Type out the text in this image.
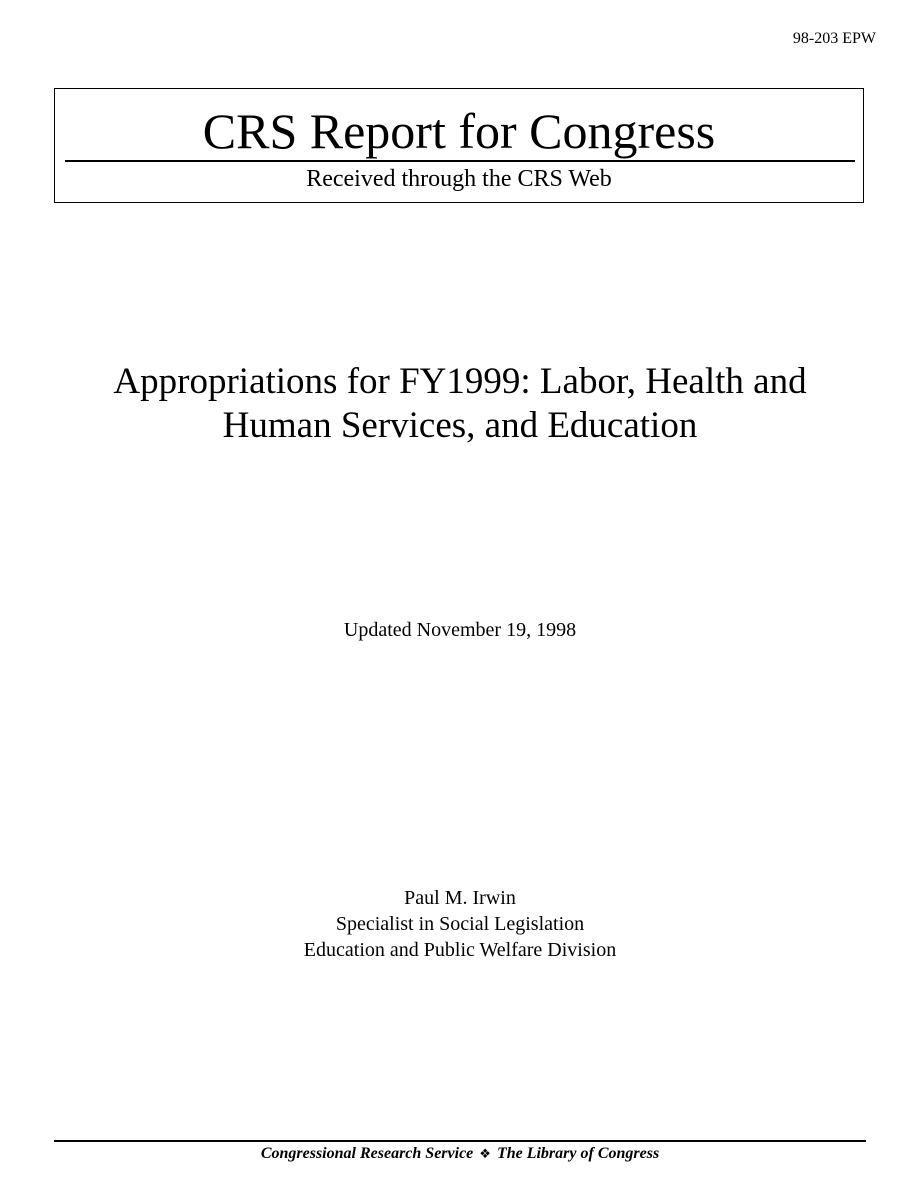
98-203 EPW
CRS Report for Congress
Received through the CRS Web
Appropriations for FY1999: Labor, Health and
Human Services, and Education
Updated November 19, 1998
Paul M. Irwin
Specialist in Social Legislation
Education and Public Welfare Division
Congressional Research Service ❖ The Library of Congress
